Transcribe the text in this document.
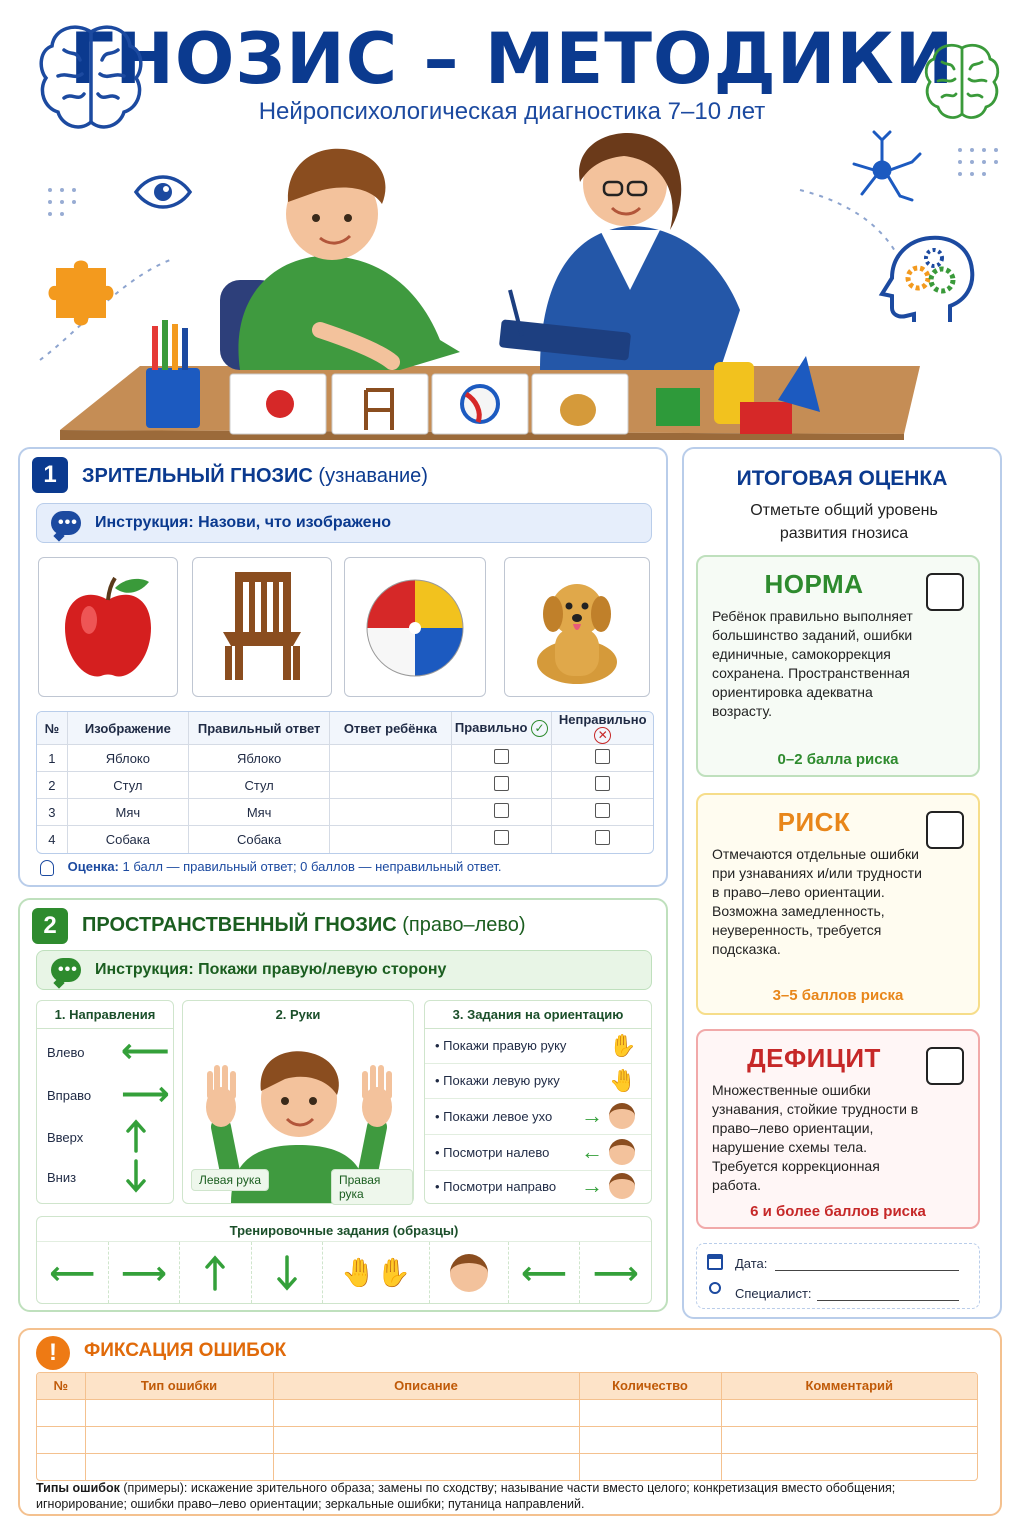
ГНОЗИС – МЕТОДИКИ
Нейропсихологическая диагностика 7–10 лет
1	ЗРИТЕЛЬНЫЙ ГНОЗИС (узнавание)
••• Инструкция: Назови, что изображено
№	Изображение	Правильный ответ	Ответ ребёнка	Правильно ✓	Неправильно ✕
1	Яблоко	Яблоко			
2	Стул	Стул			
3	Мяч	Мяч			
4	Собака	Собака			
Оценка: 1 балл — правильный ответ; 0 баллов — неправильный ответ.
2	ПРОСТРАНСТВЕННЫЙ ГНОЗИС (право–лево)
••• Инструкция: Покажи правую/левую сторону
1. Направления
Влево ⟵
Вправо ⟶
Вверх
Вниз
2. Руки
Левая рука	Правая рука
3. Задания на ориентацию
• Покажи правую руку ✋
• Покажи левую руку 🤚
• Покажи левое ухо →
• Посмотри налево ←
• Посмотри направо →
Тренировочные задания (образцы)
⟵ ⟶	🤚✋	⟵ ⟶
ИТОГОВАЯ ОЦЕНКА
Отметьте общий уровень развития гнозиса
НОРМА
Ребёнок правильно выполняет большинство заданий, ошибки единичные, самокоррекция сохранена. Пространственная ориентировка адекватна возрасту.
0–2 балла риска
РИСК
Отмечаются отдельные ошибки при узнаваниях и/или трудности в право–лево ориентации. Возможна замедленность, неуверенность, требуется подсказка.
3–5 баллов риска
ДЕФИЦИТ
Множественные ошибки узнавания, стойкие трудности в право–лево ориентации, нарушение схемы тела. Требуется коррекционная работа.
6 и более баллов риска
Дата:
Специалист:
!	ФИКСАЦИЯ ОШИБОК
№	Тип ошибки	Описание	Количество	Комментарий

Типы ошибок (примеры): искажение зрительного образа; замены по сходству; называние части вместо целого; конкретизация вместо обобщения; игнорирование; ошибки право–лево ориентации; зеркальные ошибки; путаница направлений.
